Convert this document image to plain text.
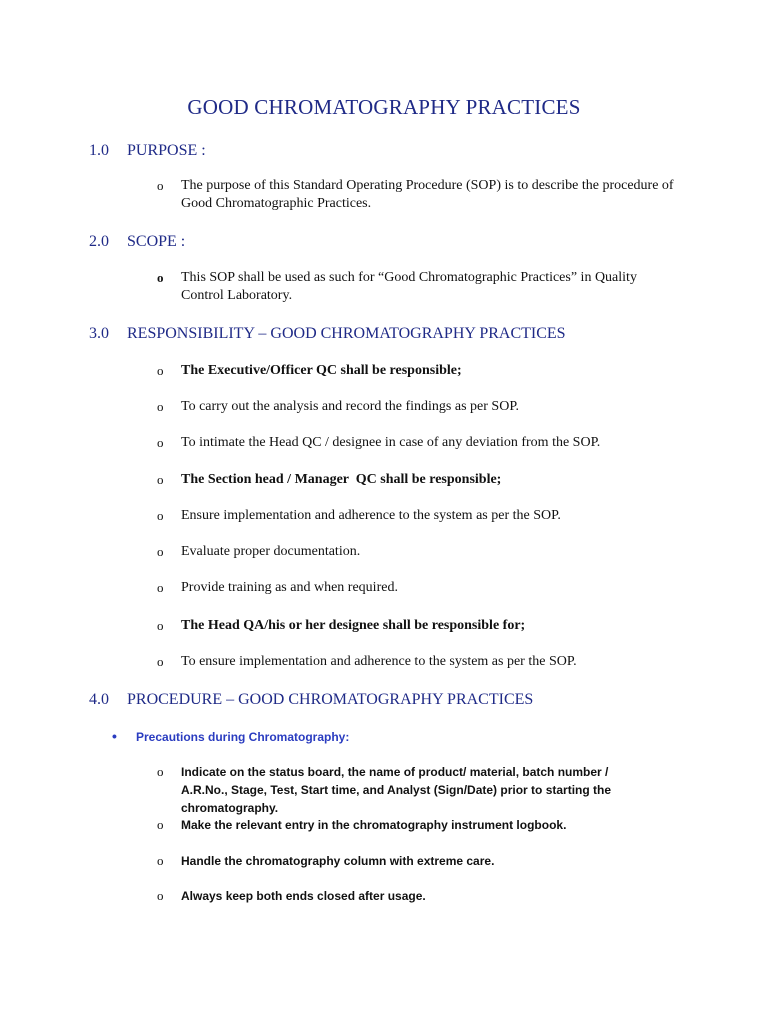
GOOD CHROMATOGRAPHY PRACTICES
1.0 PURPOSE :
o	The purpose of this Standard Operating Procedure (SOP) is to describe the procedure of Good Chromatographic Practices.
2.0 SCOPE :
o	This SOP shall be used as such for “Good Chromatographic Practices” in Quality Control Laboratory.
3.0 RESPONSIBILITY – GOOD CHROMATOGRAPHY PRACTICES
o	The Executive/Officer QC shall be responsible;
o	To carry out the analysis and record the findings as per SOP.
o	To intimate the Head QC / designee in case of any deviation from the SOP.
o	The Section head / Manager  QC shall be responsible;
o	Ensure implementation and adherence to the system as per the SOP.
o	Evaluate proper documentation.
o	Provide training as and when required.
o	The Head QA/his or her designee shall be responsible for;
o	To ensure implementation and adherence to the system as per the SOP.
4.0 PROCEDURE – GOOD CHROMATOGRAPHY PRACTICES
• Precautions during Chromatography:
o	Indicate on the status board, the name of product/ material, batch number / A.R.No., Stage, Test, Start time, and Analyst (Sign/Date) prior to starting the chromatography.
o	Make the relevant entry in the chromatography instrument logbook.
o	Handle the chromatography column with extreme care.
o	Always keep both ends closed after usage.
